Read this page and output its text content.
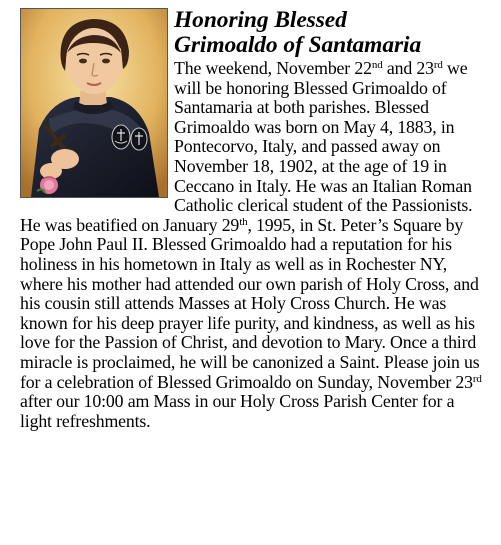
Honoring Blessed
Grimoaldo of Santamaria

The weekend, November 22nd and 23rd we will be honoring Blessed Grimoaldo of Santamaria at both parishes. Blessed Grimoaldo was born on May 4, 1883, in Pontecorvo, Italy, and passed away on November 18, 1902, at the age of 19 in Ceccano in Italy. He was an Italian Roman Catholic clerical student of the Passionists. He was beatified on January 29th, 1995, in St. Peter’s Square by Pope John Paul II. Blessed Grimoaldo had a reputation for his holiness in his hometown in Italy as well as in Rochester NY, where his mother had attended our own parish of Holy Cross, and his cousin still attends Masses at Holy Cross Church. He was known for his deep prayer life purity, and kindness, as well as his love for the Passion of Christ, and devotion to Mary. Once a third miracle is proclaimed, he will be canonized a Saint. Please join us for a celebration of Blessed Grimoaldo on Sunday, November 23rd after our 10:00 am Mass in our Holy Cross Parish Center for a light refreshments.
